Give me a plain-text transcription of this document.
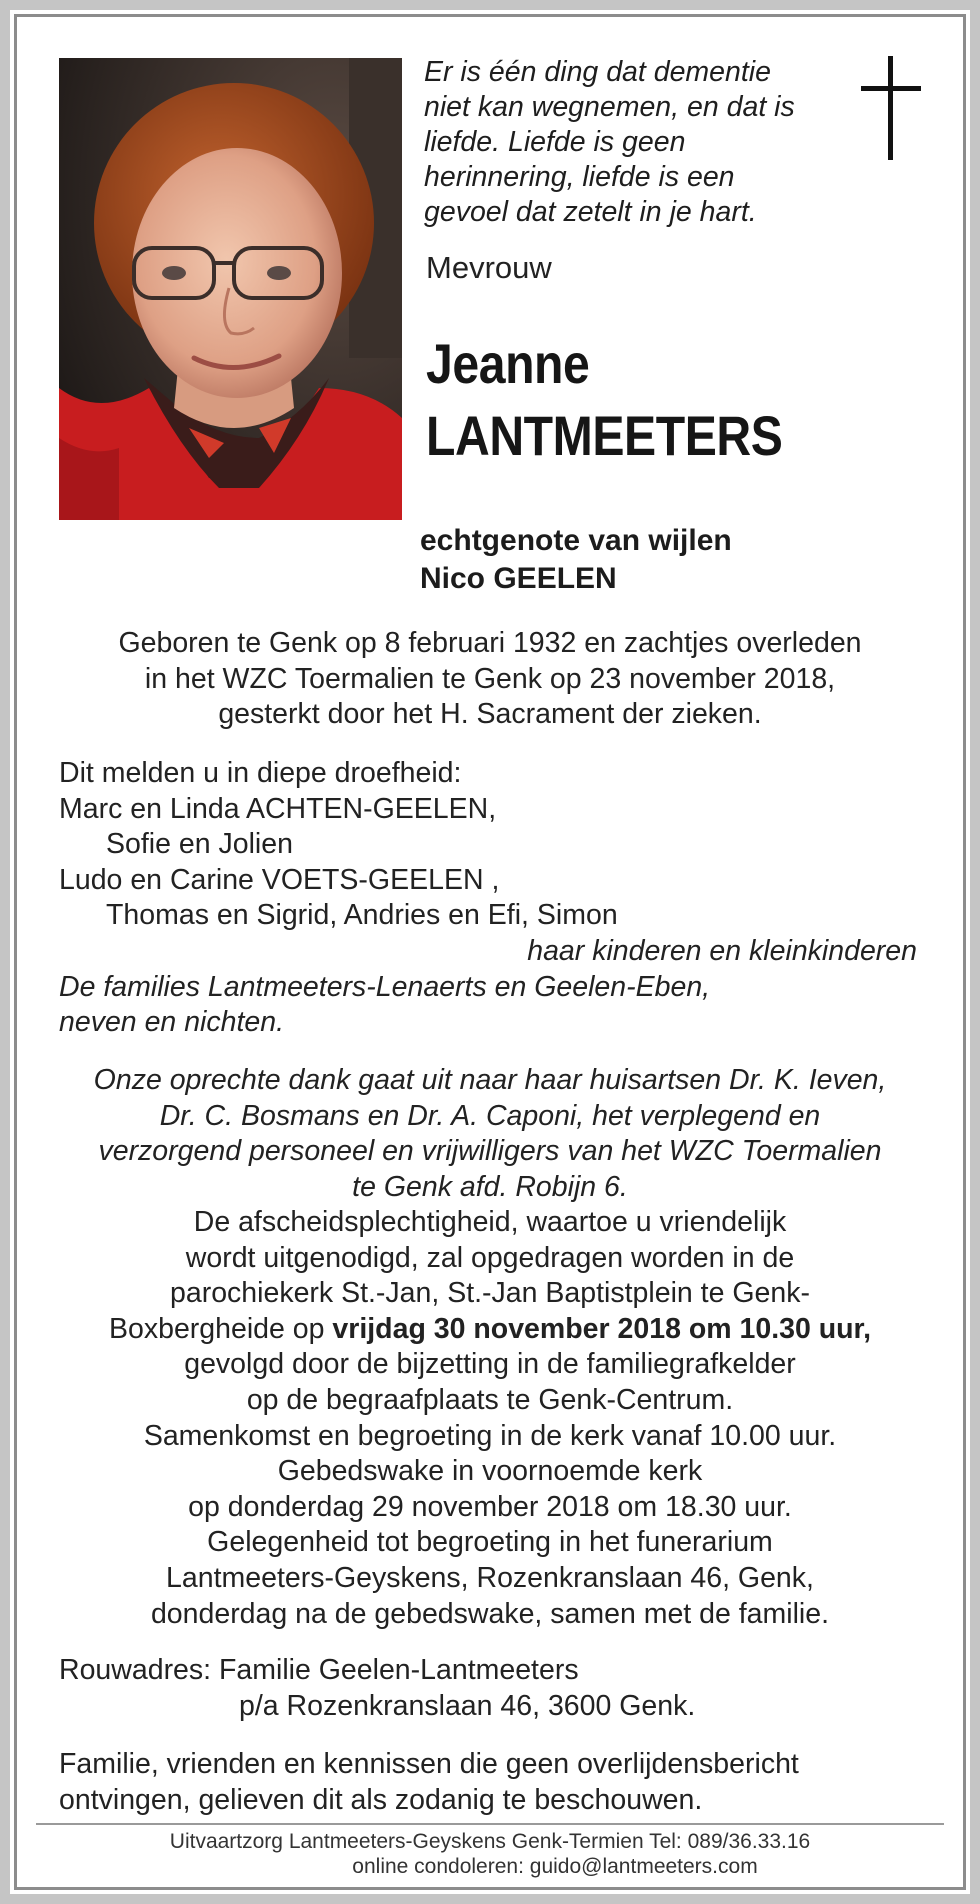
Er is één ding dat dementie
niet kan wegnemen, en dat is
liefde. Liefde is geen
herinnering, liefde is een
gevoel dat zetelt in je hart.
Mevrouw
Jeanne
LANTMEETERS
echtgenote van wijlen
Nico GEELEN
Geboren te Genk op 8 februari 1932 en zachtjes overleden
in het WZC Toermalien te Genk op 23 november 2018,
gesterkt door het H. Sacrament der zieken.
Dit melden u in diepe droefheid:
Marc en Linda ACHTEN-GEELEN,
Sofie en Jolien
Ludo en Carine VOETS-GEELEN ,
Thomas en Sigrid, Andries en Efi, Simon
haar kinderen en kleinkinderen
De families Lantmeeters-Lenaerts en Geelen-Eben,
neven en nichten.
Onze oprechte dank gaat uit naar haar huisartsen Dr. K. Ieven,
Dr. C. Bosmans en Dr. A. Caponi, het verplegend en
verzorgend personeel en vrijwilligers van het WZC Toermalien
te Genk afd. Robijn 6.
De afscheidsplechtigheid, waartoe u vriendelijk
wordt uitgenodigd, zal opgedragen worden in de
parochiekerk St.-Jan, St.-Jan Baptistplein te Genk-
Boxbergheide op vrijdag 30 november 2018 om 10.30 uur,
gevolgd door de bijzetting in de familiegrafkelder
op de begraafplaats te Genk-Centrum.
Samenkomst en begroeting in de kerk vanaf 10.00 uur.
Gebedswake in voornoemde kerk
op donderdag 29 november 2018 om 18.30 uur.
Gelegenheid tot begroeting in het funerarium
Lantmeeters-Geyskens, Rozenkranslaan 46, Genk,
donderdag na de gebedswake, samen met de familie.
Rouwadres: Familie Geelen-Lantmeeters
p/a Rozenkranslaan 46, 3600 Genk.
Familie, vrienden en kennissen die geen overlijdensbericht
ontvingen, gelieven dit als zodanig te beschouwen.
Uitvaartzorg Lantmeeters-Geyskens Genk-Termien Tel: 089/36.33.16
online condoleren: guido@lantmeeters.com
